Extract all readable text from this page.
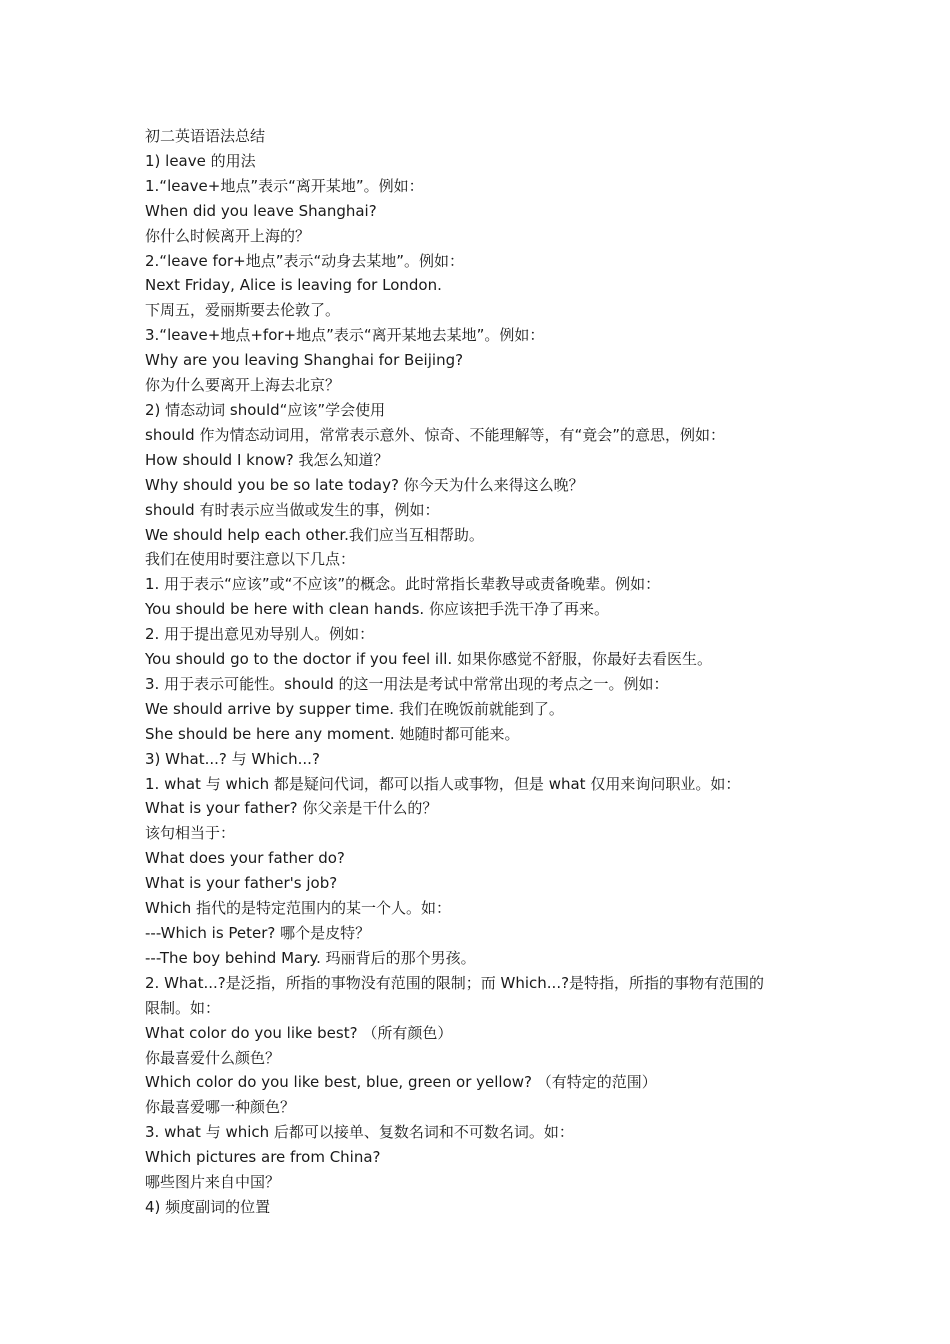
初二英语语法总结

1) leave 的用法

1.“leave+地点”表示“离开某地”。例如：

When did you leave Shanghai?

你什么时候离开上海的？

2.“leave for+地点”表示“动身去某地”。例如：

Next Friday, Alice is leaving for London.

下周五，爱丽斯要去伦敦了。

3.“leave+地点+for+地点”表示“离开某地去某地”。例如：

Why are you leaving Shanghai for Beijing?

你为什么要离开上海去北京？

2) 情态动词 should“应该”学会使用

should 作为情态动词用，常常表示意外、惊奇、不能理解等，有“竟会”的意思，例如：

How should I know? 我怎么知道？

Why should you be so late today? 你今天为什么来得这么晚？

should 有时表示应当做或发生的事，例如：

We should help each other.我们应当互相帮助。

我们在使用时要注意以下几点：

1. 用于表示“应该”或“不应该”的概念。此时常指长辈教导或责备晚辈。例如：

You should be here with clean hands. 你应该把手洗干净了再来。

2. 用于提出意见劝导别人。例如：

You should go to the doctor if you feel ill. 如果你感觉不舒服，你最好去看医生。

3. 用于表示可能性。should 的这一用法是考试中常常出现的考点之一。例如：

We should arrive by supper time. 我们在晚饭前就能到了。

She should be here any moment. 她随时都可能来。

3) What...? 与 Which...?

1. what 与 which 都是疑问代词，都可以指人或事物，但是 what 仅用来询问职业。如：

What is your father? 你父亲是干什么的？

该句相当于：

What does your father do?

What is your father's job?

Which 指代的是特定范围内的某一个人。如：

---Which is Peter? 哪个是皮特？

---The boy behind Mary. 玛丽背后的那个男孩。

2. What...?是泛指，所指的事物没有范围的限制；而 Which...?是特指，所指的事物有范围的

限制。如：

What color do you like best? （所有颜色）

你最喜爱什么颜色？

Which color do you like best, blue, green or yellow? （有特定的范围）

你最喜爱哪一种颜色？

3. what 与 which 后都可以接单、复数名词和不可数名词。如：

Which pictures are from China?

哪些图片来自中国？

4) 频度副词的位置
